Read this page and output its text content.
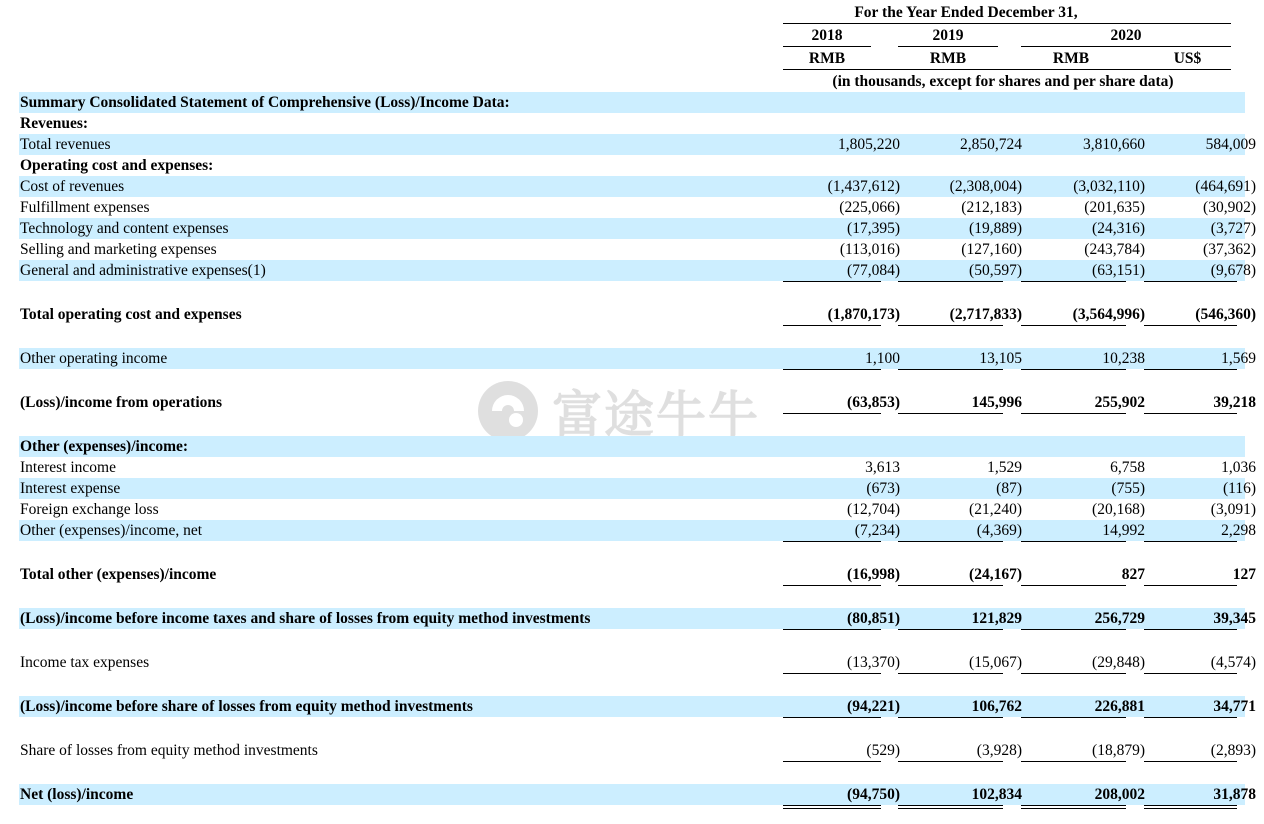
For the Year Ended December 31,
2018	2019	2020
RMB	RMB	RMB	US$
(in thousands, except for shares and per share data)
富途牛牛
Summary Consolidated Statement of Comprehensive (Loss)/Income Data:
Revenues:
Total revenues	1,805,220	2,850,724	3,810,660	584,009
Operating cost and expenses:
Cost of revenues	(1,437,612)	(2,308,004)	(3,032,110)	(464,691)
Fulfillment expenses	(225,066)	(212,183)	(201,635)	(30,902)
Technology and content expenses	(17,395)	(19,889)	(24,316)	(3,727)
Selling and marketing expenses	(113,016)	(127,160)	(243,784)	(37,362)
General and administrative expenses(1)	(77,084)	(50,597)	(63,151)	(9,678)
Total operating cost and expenses	(1,870,173)	(2,717,833)	(3,564,996)	(546,360)
Other operating income	1,100	13,105	10,238	1,569
(Loss)/income from operations	(63,853)	145,996	255,902	39,218
Other (expenses)/income:
Interest income	3,613	1,529	6,758	1,036
Interest expense	(673)	(87)	(755)	(116)
Foreign exchange loss	(12,704)	(21,240)	(20,168)	(3,091)
Other (expenses)/income, net	(7,234)	(4,369)	14,992	2,298
Total other (expenses)/income	(16,998)	(24,167)	827	127
(Loss)/income before income taxes and share of losses from equity method investments	(80,851)	121,829	256,729	39,345
Income tax expenses	(13,370)	(15,067)	(29,848)	(4,574)
(Loss)/income before share of losses from equity method investments	(94,221)	106,762	226,881	34,771
Share of losses from equity method investments	(529)	(3,928)	(18,879)	(2,893)
Net (loss)/income	(94,750)	102,834	208,002	31,878
